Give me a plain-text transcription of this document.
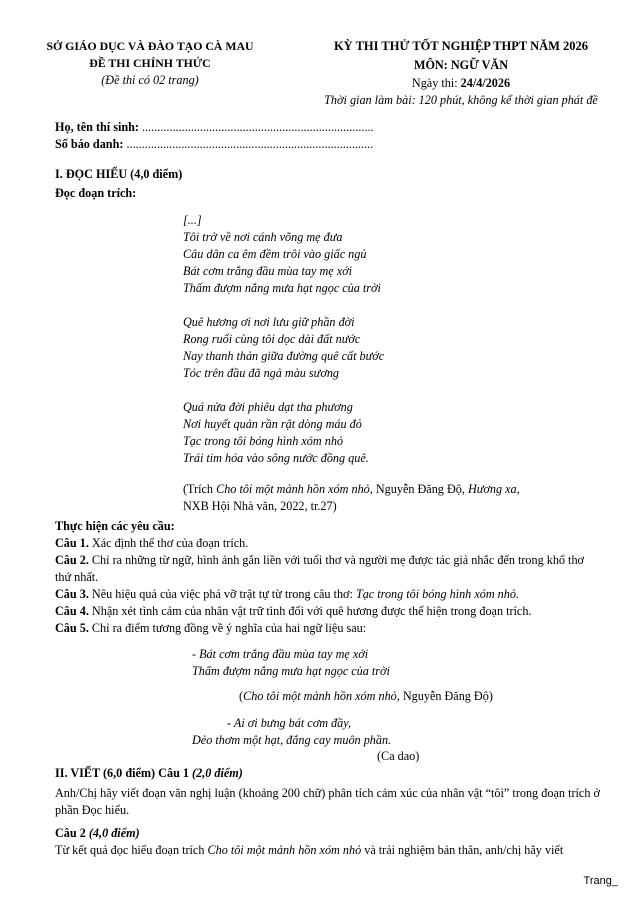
SỞ GIÁO DỤC VÀ ĐÀO TẠO CÀ MAU
ĐỀ THI CHÍNH THỨC
(Đề thi có 02 trang)
KỲ THI THỬ TỐT NGHIỆP THPT NĂM 2026
MÔN: NGỮ VĂN
Ngày thi: 24/4/2026
Thời gian làm bài: 120 phút, không kể thời gian phát đề
Họ, tên thí sinh: ............................................................................
Số báo danh: .................................................................................
I. ĐỌC HIỂU (4,0 điểm)
Đọc đoạn trích:
[...]
Tôi trở về nơi cánh võng mẹ đưa
Câu dân ca êm đềm trôi vào giấc ngủ
Bát cơm trắng đầu mùa tay mẹ xới
Thấm đượm nắng mưa hạt ngọc của trời
Quê hương ơi nơi lưu giữ phần đời
Rong ruổi cùng tôi dọc dài đất nước
Nay thanh thản giữa đường quê cất bước
Tóc trên đầu đã ngả màu sương
Quá nửa đời phiêu dạt tha phương
Nơi huyết quản rần rật dòng máu đỏ
Tạc trong tôi bóng hình xóm nhỏ
Trái tim hóa vào sông nước đồng quê.
(Trích Cho tôi một mảnh hồn xóm nhỏ, Nguyễn Đăng Độ, Hương xa,
NXB Hội Nhà văn, 2022, tr.27)
Thực hiện các yêu cầu:
Câu 1. Xác định thể thơ của đoạn trích.
Câu 2. Chỉ ra những từ ngữ, hình ảnh gắn liền với tuổi thơ và người mẹ được tác giả nhắc đến trong khổ thơ thứ nhất.
Câu 3. Nêu hiệu quả của việc phá vỡ trật tự từ trong câu thơ: Tạc trong tôi bóng hình xóm nhỏ.
Câu 4. Nhận xét tình cảm của nhân vật trữ tình đối với quê hương được thể hiện trong đoạn trích.
Câu 5. Chỉ ra điểm tương đồng về ý nghĩa của hai ngữ liệu sau:
- Bát cơm trắng đầu mùa tay mẹ xới
Thấm đượm nắng mưa hạt ngọc của trời
(Cho tôi một mảnh hồn xóm nhỏ, Nguyễn Đăng Độ)
- Ai ơi bưng bát cơm đầy,
Dẻo thơm một hạt, đắng cay muôn phần.
(Ca dao)
II. VIẾT (6,0 điểm) Câu 1 (2,0 điểm)
Anh/Chị hãy viết đoạn văn nghị luận (khoảng 200 chữ) phân tích cảm xúc của nhân vật “tôi” trong đoạn trích ở phần Đọc hiểu.
Câu 2 (4,0 điểm)
Từ kết quả đọc hiểu đoạn trích Cho tôi một mảnh hồn xóm nhỏ và trải nghiệm bản thân, anh/chị hãy viết
Trang_
